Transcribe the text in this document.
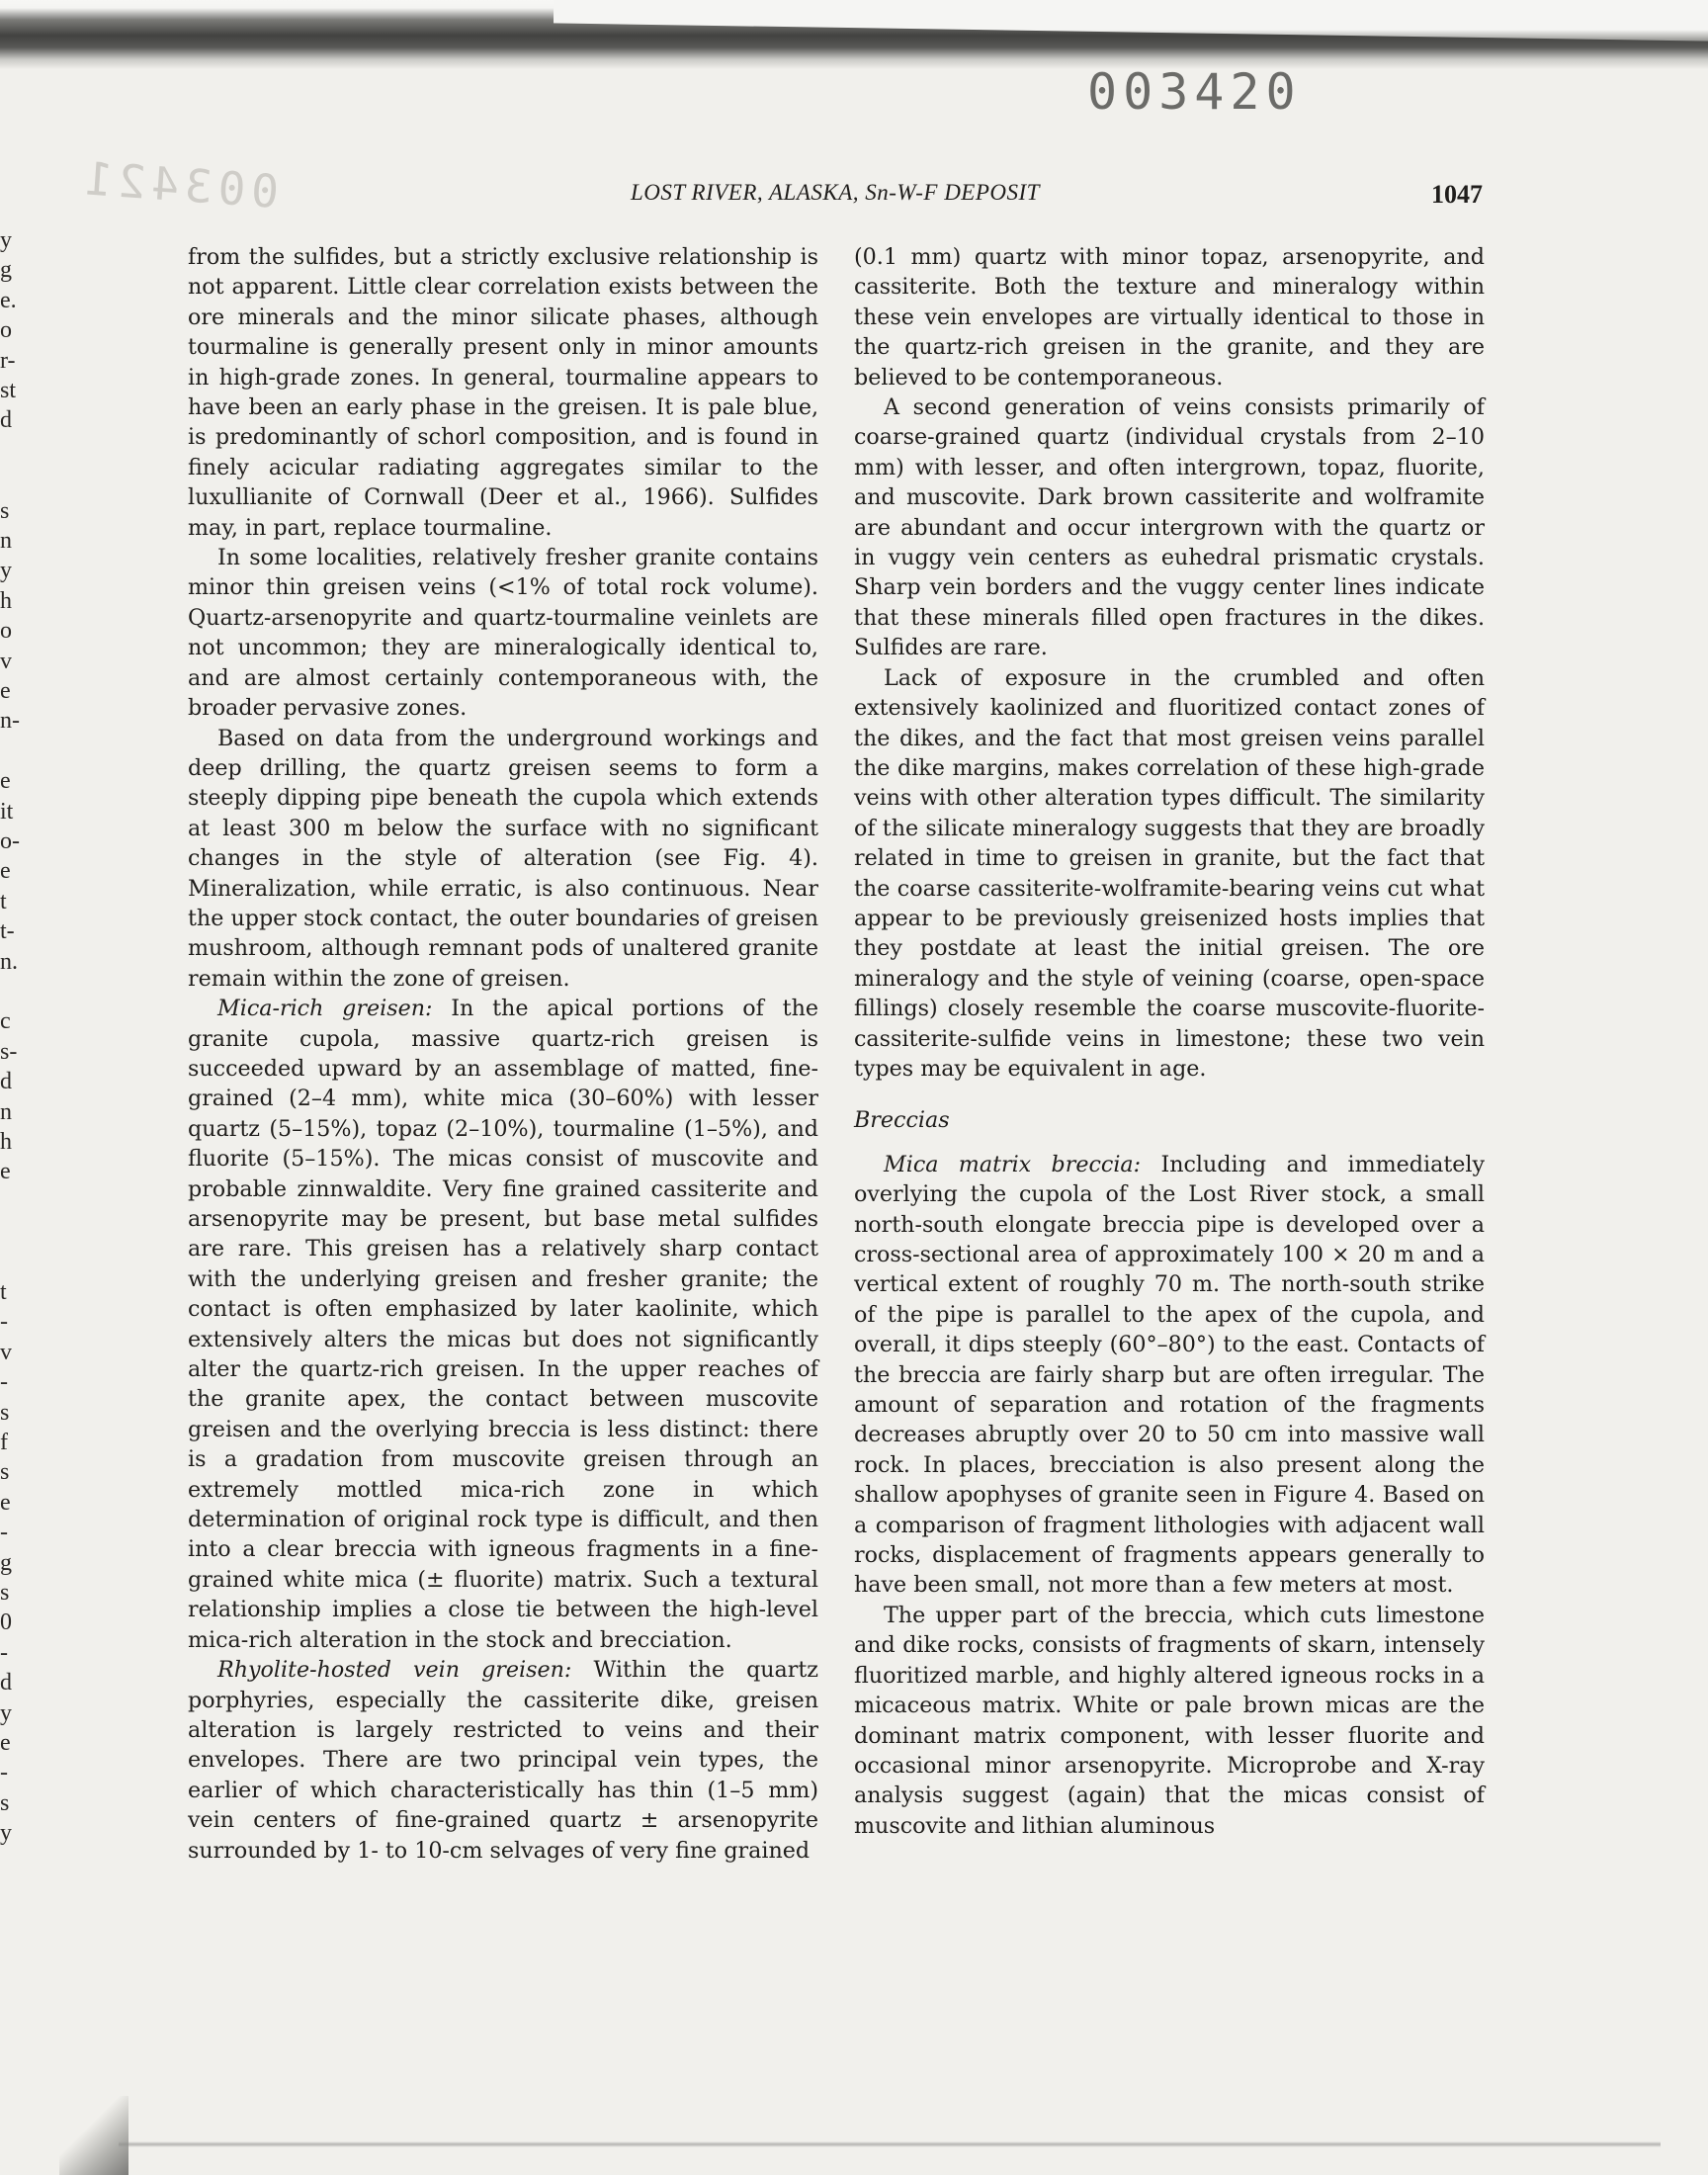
y
g
e.
o
r-
st
d
s
n
y
h
o
v
e
n-
e
it
o-
e
t
t-
n.
c
s-
d
n
h
e
t
-
v
-
s
f
s
e
-
g
s
0
-
d
y
e
-
s
y
003420
003421	LOST RIVER, ALASKA, Sn-W-F DEPOSIT	1047

from the sulfides, but a strictly exclusive relationship is not apparent. Little clear correlation exists between the ore minerals and the minor silicate phases, although tourmaline is generally present only in minor amounts in high-grade zones. In general, tourmaline appears to have been an early phase in the greisen. It is pale blue, is predominantly of schorl composition, and is found in finely acicular radiating aggregates similar to the luxullianite of Cornwall (Deer et al., 1966). Sulfides may, in part, replace tourmaline.

In some localities, relatively fresher granite contains minor thin greisen veins (<1% of total rock volume). Quartz-arsenopyrite and quartz-tourmaline veinlets are not uncommon; they are mineralogically identical to, and are almost certainly contemporaneous with, the broader pervasive zones.

Based on data from the underground workings and deep drilling, the quartz greisen seems to form a steeply dipping pipe beneath the cupola which extends at least 300 m below the surface with no significant changes in the style of alteration (see Fig. 4). Mineralization, while erratic, is also continuous. Near the upper stock contact, the outer boundaries of greisen mushroom, although remnant pods of unaltered granite remain within the zone of greisen.

Mica-rich greisen: In the apical portions of the granite cupola, massive quartz-rich greisen is succeeded upward by an assemblage of matted, fine-grained (2–4 mm), white mica (30–60%) with lesser quartz (5–15%), topaz (2–10%), tourmaline (1–5%), and fluorite (5–15%). The micas consist of muscovite and probable zinnwaldite. Very fine grained cassiterite and arsenopyrite may be present, but base metal sulfides are rare. This greisen has a relatively sharp contact with the underlying greisen and fresher granite; the contact is often emphasized by later kaolinite, which extensively alters the micas but does not significantly alter the quartz-rich greisen. In the upper reaches of the granite apex, the contact between muscovite greisen and the overlying breccia is less distinct: there is a gradation from muscovite greisen through an extremely mottled mica-rich zone in which determination of original rock type is difficult, and then into a clear breccia with igneous fragments in a fine-grained white mica (± fluorite) matrix. Such a textural relationship implies a close tie between the high-level mica-rich alteration in the stock and brecciation.

Rhyolite-hosted vein greisen: Within the quartz porphyries, especially the cassiterite dike, greisen alteration is largely restricted to veins and their envelopes. There are two principal vein types, the earlier of which characteristically has thin (1–5 mm) vein centers of fine-grained quartz ± arsenopyrite surrounded by 1- to 10-cm selvages of very fine grained

(0.1 mm) quartz with minor topaz, arsenopyrite, and cassiterite. Both the texture and mineralogy within these vein envelopes are virtually identical to those in the quartz-rich greisen in the granite, and they are believed to be contemporaneous.

A second generation of veins consists primarily of coarse-grained quartz (individual crystals from 2–10 mm) with lesser, and often intergrown, topaz, fluorite, and muscovite. Dark brown cassiterite and wolframite are abundant and occur intergrown with the quartz or in vuggy vein centers as euhedral prismatic crystals. Sharp vein borders and the vuggy center lines indicate that these minerals filled open fractures in the dikes. Sulfides are rare.

Lack of exposure in the crumbled and often extensively kaolinized and fluoritized contact zones of the dikes, and the fact that most greisen veins parallel the dike margins, makes correlation of these high-grade veins with other alteration types difficult. The similarity of the silicate mineralogy suggests that they are broadly related in time to greisen in granite, but the fact that the coarse cassiterite-wolframite-bearing veins cut what appear to be previously greisenized hosts implies that they postdate at least the initial greisen. The ore mineralogy and the style of veining (coarse, open-space fillings) closely resemble the coarse muscovite-fluorite-cassiterite-sulfide veins in limestone; these two vein types may be equivalent in age.

Breccias

Mica matrix breccia: Including and immediately overlying the cupola of the Lost River stock, a small north-south elongate breccia pipe is developed over a cross-sectional area of approximately 100 × 20 m and a vertical extent of roughly 70 m. The north-south strike of the pipe is parallel to the apex of the cupola, and overall, it dips steeply (60°–80°) to the east. Contacts of the breccia are fairly sharp but are often irregular. The amount of separation and rotation of the fragments decreases abruptly over 20 to 50 cm into massive wall rock. In places, brecciation is also present along the shallow apophyses of granite seen in Figure 4. Based on a comparison of fragment lithologies with adjacent wall rocks, displacement of fragments appears generally to have been small, not more than a few meters at most.

The upper part of the breccia, which cuts limestone and dike rocks, consists of fragments of skarn, intensely fluoritized marble, and highly altered igneous rocks in a micaceous matrix. White or pale brown micas are the dominant matrix component, with lesser fluorite and occasional minor arsenopyrite. Microprobe and X-ray analysis suggest (again) that the micas consist of muscovite and lithian aluminous
